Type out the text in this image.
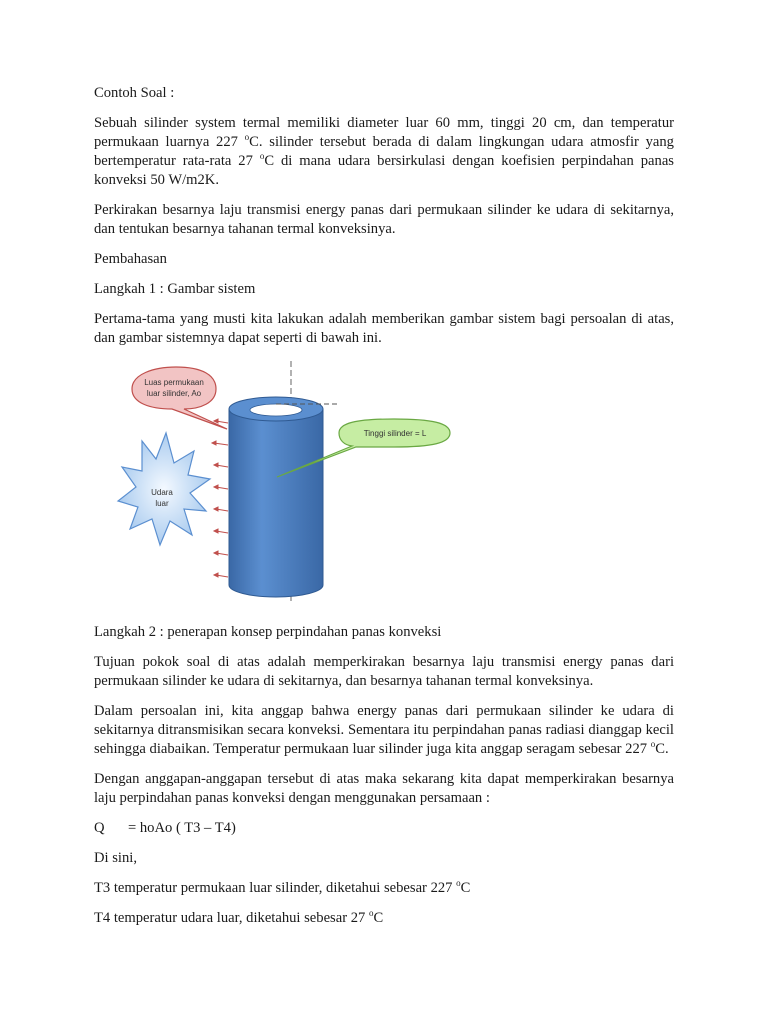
Contoh Soal :

Sebuah silinder system termal memiliki diameter luar 60 mm, tinggi 20 cm, dan temperatur permukaan luarnya 227 $^o$C. silinder tersebut berada di dalam lingkungan udara atmosfir yang bertemperatur rata-rata 27 $^o$C di mana udara bersirkulasi dengan koefisien perpindahan panas konveksi 50 W/m2K.

Perkirakan besarnya laju transmisi energy panas dari permukaan silinder ke udara di sekitarnya, dan tentukan besarnya tahanan termal konveksinya.

Pembahasan

Langkah 1 : Gambar sistem

Pertama-tama yang musti kita lakukan adalah memberikan gambar sistem bagi persoalan di atas, dan gambar sistemnya dapat seperti di bawah ini.

Luas permukaan
luar silinder, Ao
Tinggi silinder = L
Udara
luar

Langkah 2 : penerapan konsep perpindahan panas konveksi

Tujuan pokok soal di atas adalah memperkirakan besarnya laju transmisi energy panas dari permukaan silinder ke udara di sekitarnya, dan besarnya tahanan termal konveksinya.

Dalam persoalan ini, kita anggap bahwa energy panas dari permukaan silinder ke udara di sekitarnya ditransmisikan secara konveksi. Sementara itu perpindahan panas radiasi dianggap kecil sehingga diabaikan. Temperatur permukaan luar silinder juga kita anggap seragam sebesar 227 $^o$C.

Dengan anggapan-anggapan tersebut di atas maka sekarang kita dapat memperkirakan besarnya laju perpindahan panas konveksi dengan menggunakan persamaan :

Q = hoAo ( T3 – T4)

Di sini,

T3 temperatur permukaan luar silinder, diketahui sebesar 227 $^o$C

T4 temperatur udara luar, diketahui sebesar 27 $^o$C
